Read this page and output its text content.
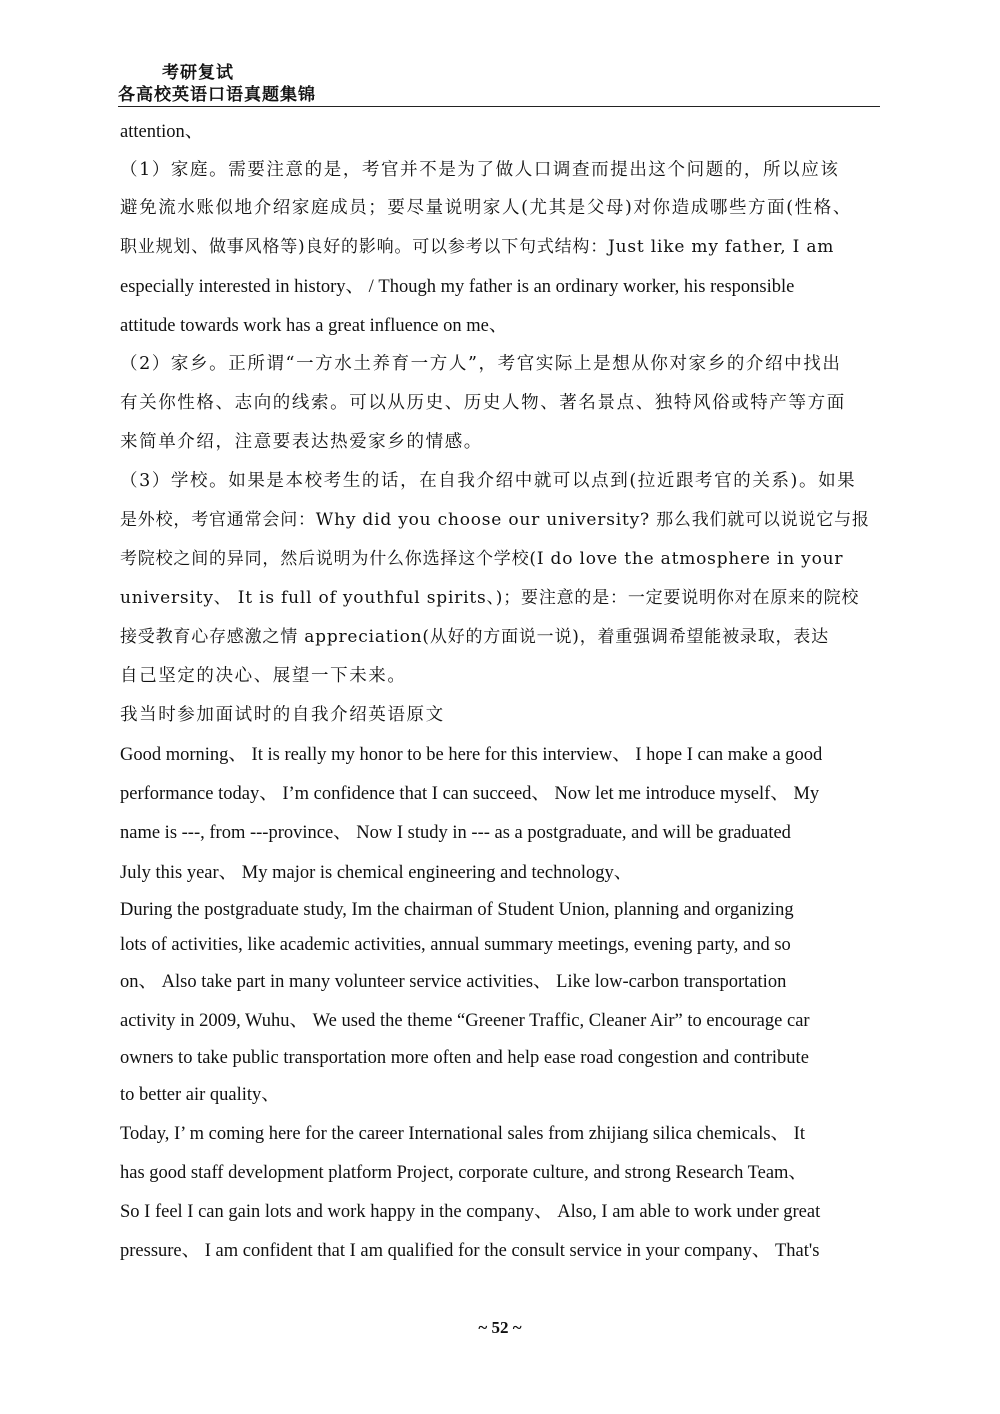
考研复试
各高校英语口语真题集锦
attention、
（1）家庭。需要注意的是，考官并不是为了做人口调查而提出这个问题的，所以应该
避免流水账似地介绍家庭成员；要尽量说明家人(尤其是父母)对你造成哪些方面(性格、
职业规划、做事风格等)良好的影响。可以参考以下句式结构：Just like my father, I am
especially interested in history、 / Though my father is an ordinary worker, his responsible
attitude towards work has a great influence on me、
（2）家乡。正所谓“一方水土养育一方人”，考官实际上是想从你对家乡的介绍中找出
有关你性格、志向的线索。可以从历史、历史人物、著名景点、独特风俗或特产等方面
来简单介绍，注意要表达热爱家乡的情感。
（3）学校。如果是本校考生的话，在自我介绍中就可以点到(拉近跟考官的关系)。如果
是外校，考官通常会问：Why did you choose our university? 那么我们就可以说说它与报
考院校之间的异同，然后说明为什么你选择这个学校(I do love the atmosphere in your
university、 It is full of youthful spirits、)；要注意的是：一定要说明你对在原来的院校
接受教育心存感激之情 appreciation(从好的方面说一说)，着重强调希望能被录取，表达
自己坚定的决心、展望一下未来。
我当时参加面试时的自我介绍英语原文
Good morning、 It is really my honor to be here for this interview、 I hope I can make a good
performance today、 I’m confidence that I can succeed、 Now let me introduce myself、 My
name is ---, from ---province、 Now I study in --- as a postgraduate, and will be graduated
July this year、 My major is chemical engineering and technology、
During the postgraduate study, Im the chairman of Student Union, planning and organizing
lots of activities, like academic activities, annual summary meetings, evening party, and so
on、 Also take part in many volunteer service activities、 Like low-carbon transportation
activity in 2009, Wuhu、 We used the theme “Greener Traffic, Cleaner Air” to encourage car
owners to take public transportation more often and help ease road congestion and contribute
to better air quality、
Today, I’ m coming here for the career International sales from zhijiang silica chemicals、 It
has good staff development platform Project, corporate culture, and strong Research Team、
So I feel I can gain lots and work happy in the company、 Also, I am able to work under great
pressure、 I am confident that I am qualified for the consult service in your company、 That's
~ 52 ~
